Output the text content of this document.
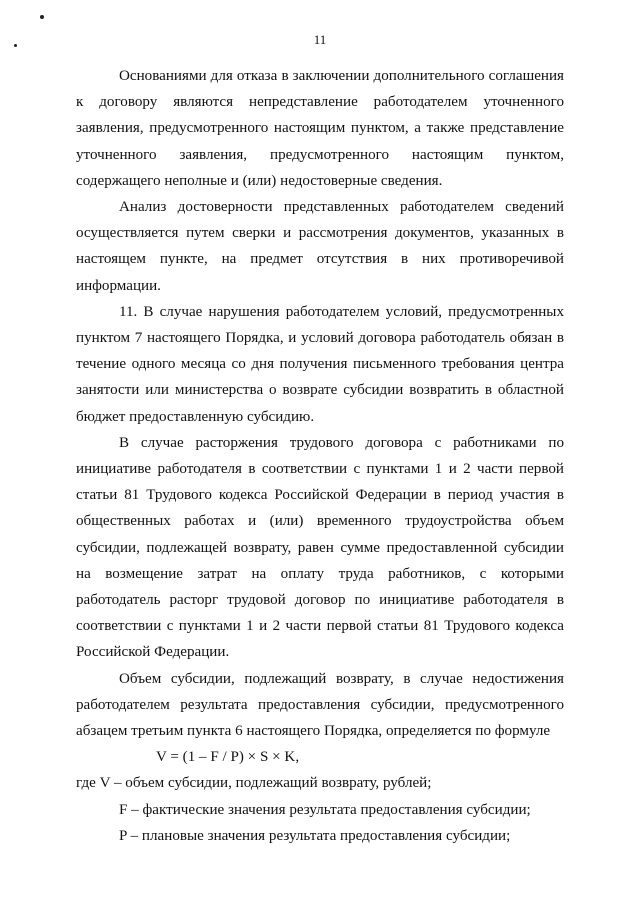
11

Основаниями для отказа в заключении дополнительного соглашения к договору являются непредставление работодателем уточненного заявления, предусмотренного настоящим пунктом, а также представление уточненного заявления, предусмотренного настоящим пунктом, содержащего неполные и (или) недостоверные сведения.

Анализ достоверности представленных работодателем сведений осуществляется путем сверки и рассмотрения документов, указанных в настоящем пункте, на предмет отсутствия в них противоречивой информации.

11. В случае нарушения работодателем условий, предусмотренных пунктом 7 настоящего Порядка, и условий договора работодатель обязан в течение одного месяца со дня получения письменного требования центра занятости или министерства о возврате субсидии возвратить в областной бюджет предоставленную субсидию.

В случае расторжения трудового договора с работниками по инициативе работодателя в соответствии с пунктами 1 и 2 части первой статьи 81 Трудового кодекса Российской Федерации в период участия в общественных работах и (или) временного трудоустройства объем субсидии, подлежащей возврату, равен сумме предоставленной субсидии на возмещение затрат на оплату труда работников, с которыми работодатель расторг трудовой договор по инициативе работодателя в соответствии с пунктами 1 и 2 части первой статьи 81 Трудового кодекса Российской Федерации.

Объем субсидии, подлежащий возврату, в случае недостижения работодателем результата предоставления субсидии, предусмотренного абзацем третьим пункта 6 настоящего Порядка, определяется по формуле

V = (1 – F / P) × S × K,

где V – объем субсидии, подлежащий возврату, рублей;

F – фактические значения результата предоставления субсидии;

P – плановые значения результата предоставления субсидии;
